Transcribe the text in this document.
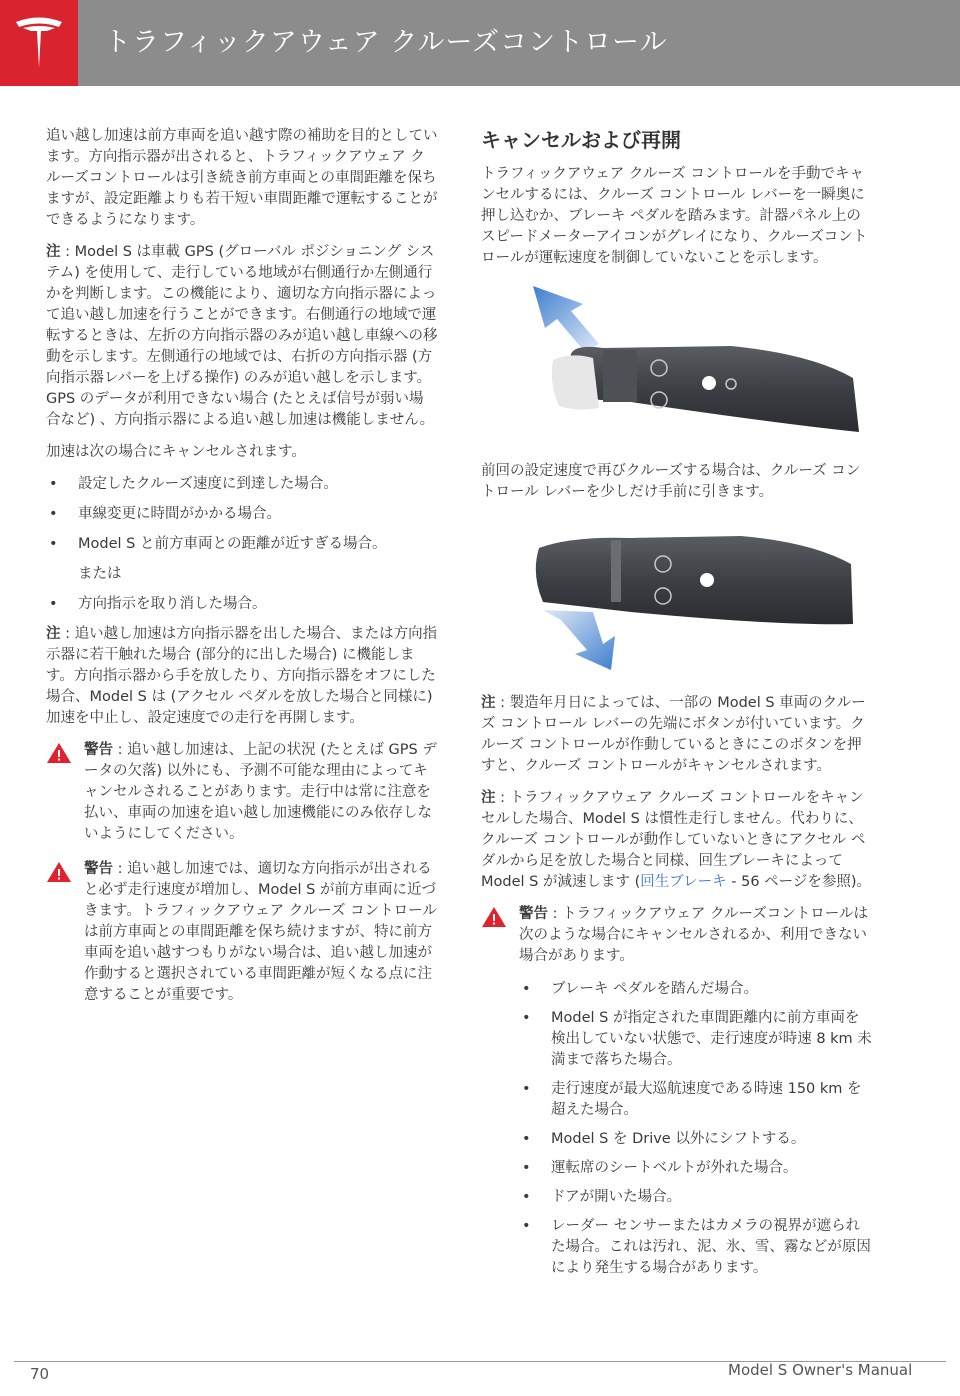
トラフィックアウェア クルーズコントロール

追い越し加速は前方車両を追い越す際の補助を目的としています。方向指示器が出されると、トラフィックアウェア クルーズコントロールは引き続き前方車両との車間距離を保ちますが、設定距離よりも若干短い車間距離で運転することができるようになります。

注 : Model S は車載 GPS (グローバル ポジショニング システム) を使用して、走行している地域が右側通行か左側通行かを判断します。この機能により、適切な方向指示器によって追い越し加速を行うことができます。右側通行の地域で運転するときは、左折の方向指示器のみが追い越し車線への移動を示します。左側通行の地域では、右折の方向指示器 (方向指示器レバーを上げる操作) のみが追い越しを示します。GPS のデータが利用できない場合 (たとえば信号が弱い場合など) 、方向指示器による追い越し加速は機能しません。

加速は次の場合にキャンセルされます。

• 設定したクルーズ速度に到達した場合。
• 車線変更に時間がかかる場合。
• Model S と前方車両との距離が近すぎる場合。
または
• 方向指示を取り消した場合。

注 : 追い越し加速は方向指示器を出した場合、または方向指示器に若干触れた場合 (部分的に出した場合) に機能します。方向指示器から手を放したり、方向指示器をオフにした場合、Model S は (アクセル ペダルを放した場合と同様に) 加速を中止し、設定速度での走行を再開します。

警告 : 追い越し加速は、上記の状況 (たとえば GPS データの欠落) 以外にも、予測不可能な理由によってキャンセルされることがあります。走行中は常に注意を払い、車両の加速を追い越し加速機能にのみ依存しないようにしてください。
警告 : 追い越し加速では、適切な方向指示が出されると必ず走行速度が増加し、Model S が前方車両に近づきます。トラフィックアウェア クルーズ コントロールは前方車両との車間距離を保ち続けますが、特に前方車両を追い越すつもりがない場合は、追い越し加速が作動すると選択されている車間距離が短くなる点に注意することが重要です。
キャンセルおよび再開

トラフィックアウェア クルーズ コントロールを手動でキャンセルするには、クルーズ コントロール レバーを一瞬奥に押し込むか、ブレーキ ペダルを踏みます。計器パネル上のスピードメーターアイコンがグレイになり、クルーズコントロールが運転速度を制御していないことを示します。

前回の設定速度で再びクルーズする場合は、クルーズ コントロール レバーを少しだけ手前に引きます。

注 : 製造年月日によっては、一部の Model S 車両のクルーズ コントロール レバーの先端にボタンが付いています。クルーズ コントロールが作動しているときにこのボタンを押すと、クルーズ コントロールがキャンセルされます。

注 : トラフィックアウェア クルーズ コントロールをキャンセルした場合、Model S は慣性走行しません。代わりに、クルーズ コントロールが動作していないときにアクセル ペダルから足を放した場合と同様、回生ブレーキによって Model S が減速します (回生ブレーキ - 56 ページを参照)。

警告 : トラフィックアウェア クルーズコントロールは次のような場合にキャンセルされるか、利用できない場合があります。
• ブレーキ ペダルを踏んだ場合。
• Model S が指定された車間距離内に前方車両を検出していない状態で、走行速度が時速 8 km 未満まで落ちた場合。
• 走行速度が最大巡航速度である時速 150 km を超えた場合。
• Model S を Drive 以外にシフトする。
• 運転席のシートベルトが外れた場合。
• ドアが開いた場合。
• レーダー センサーまたはカメラの視界が遮られた場合。これは汚れ、泥、氷、雪、霧などが原因により発生する場合があります。
70	Model S Owner's Manual
